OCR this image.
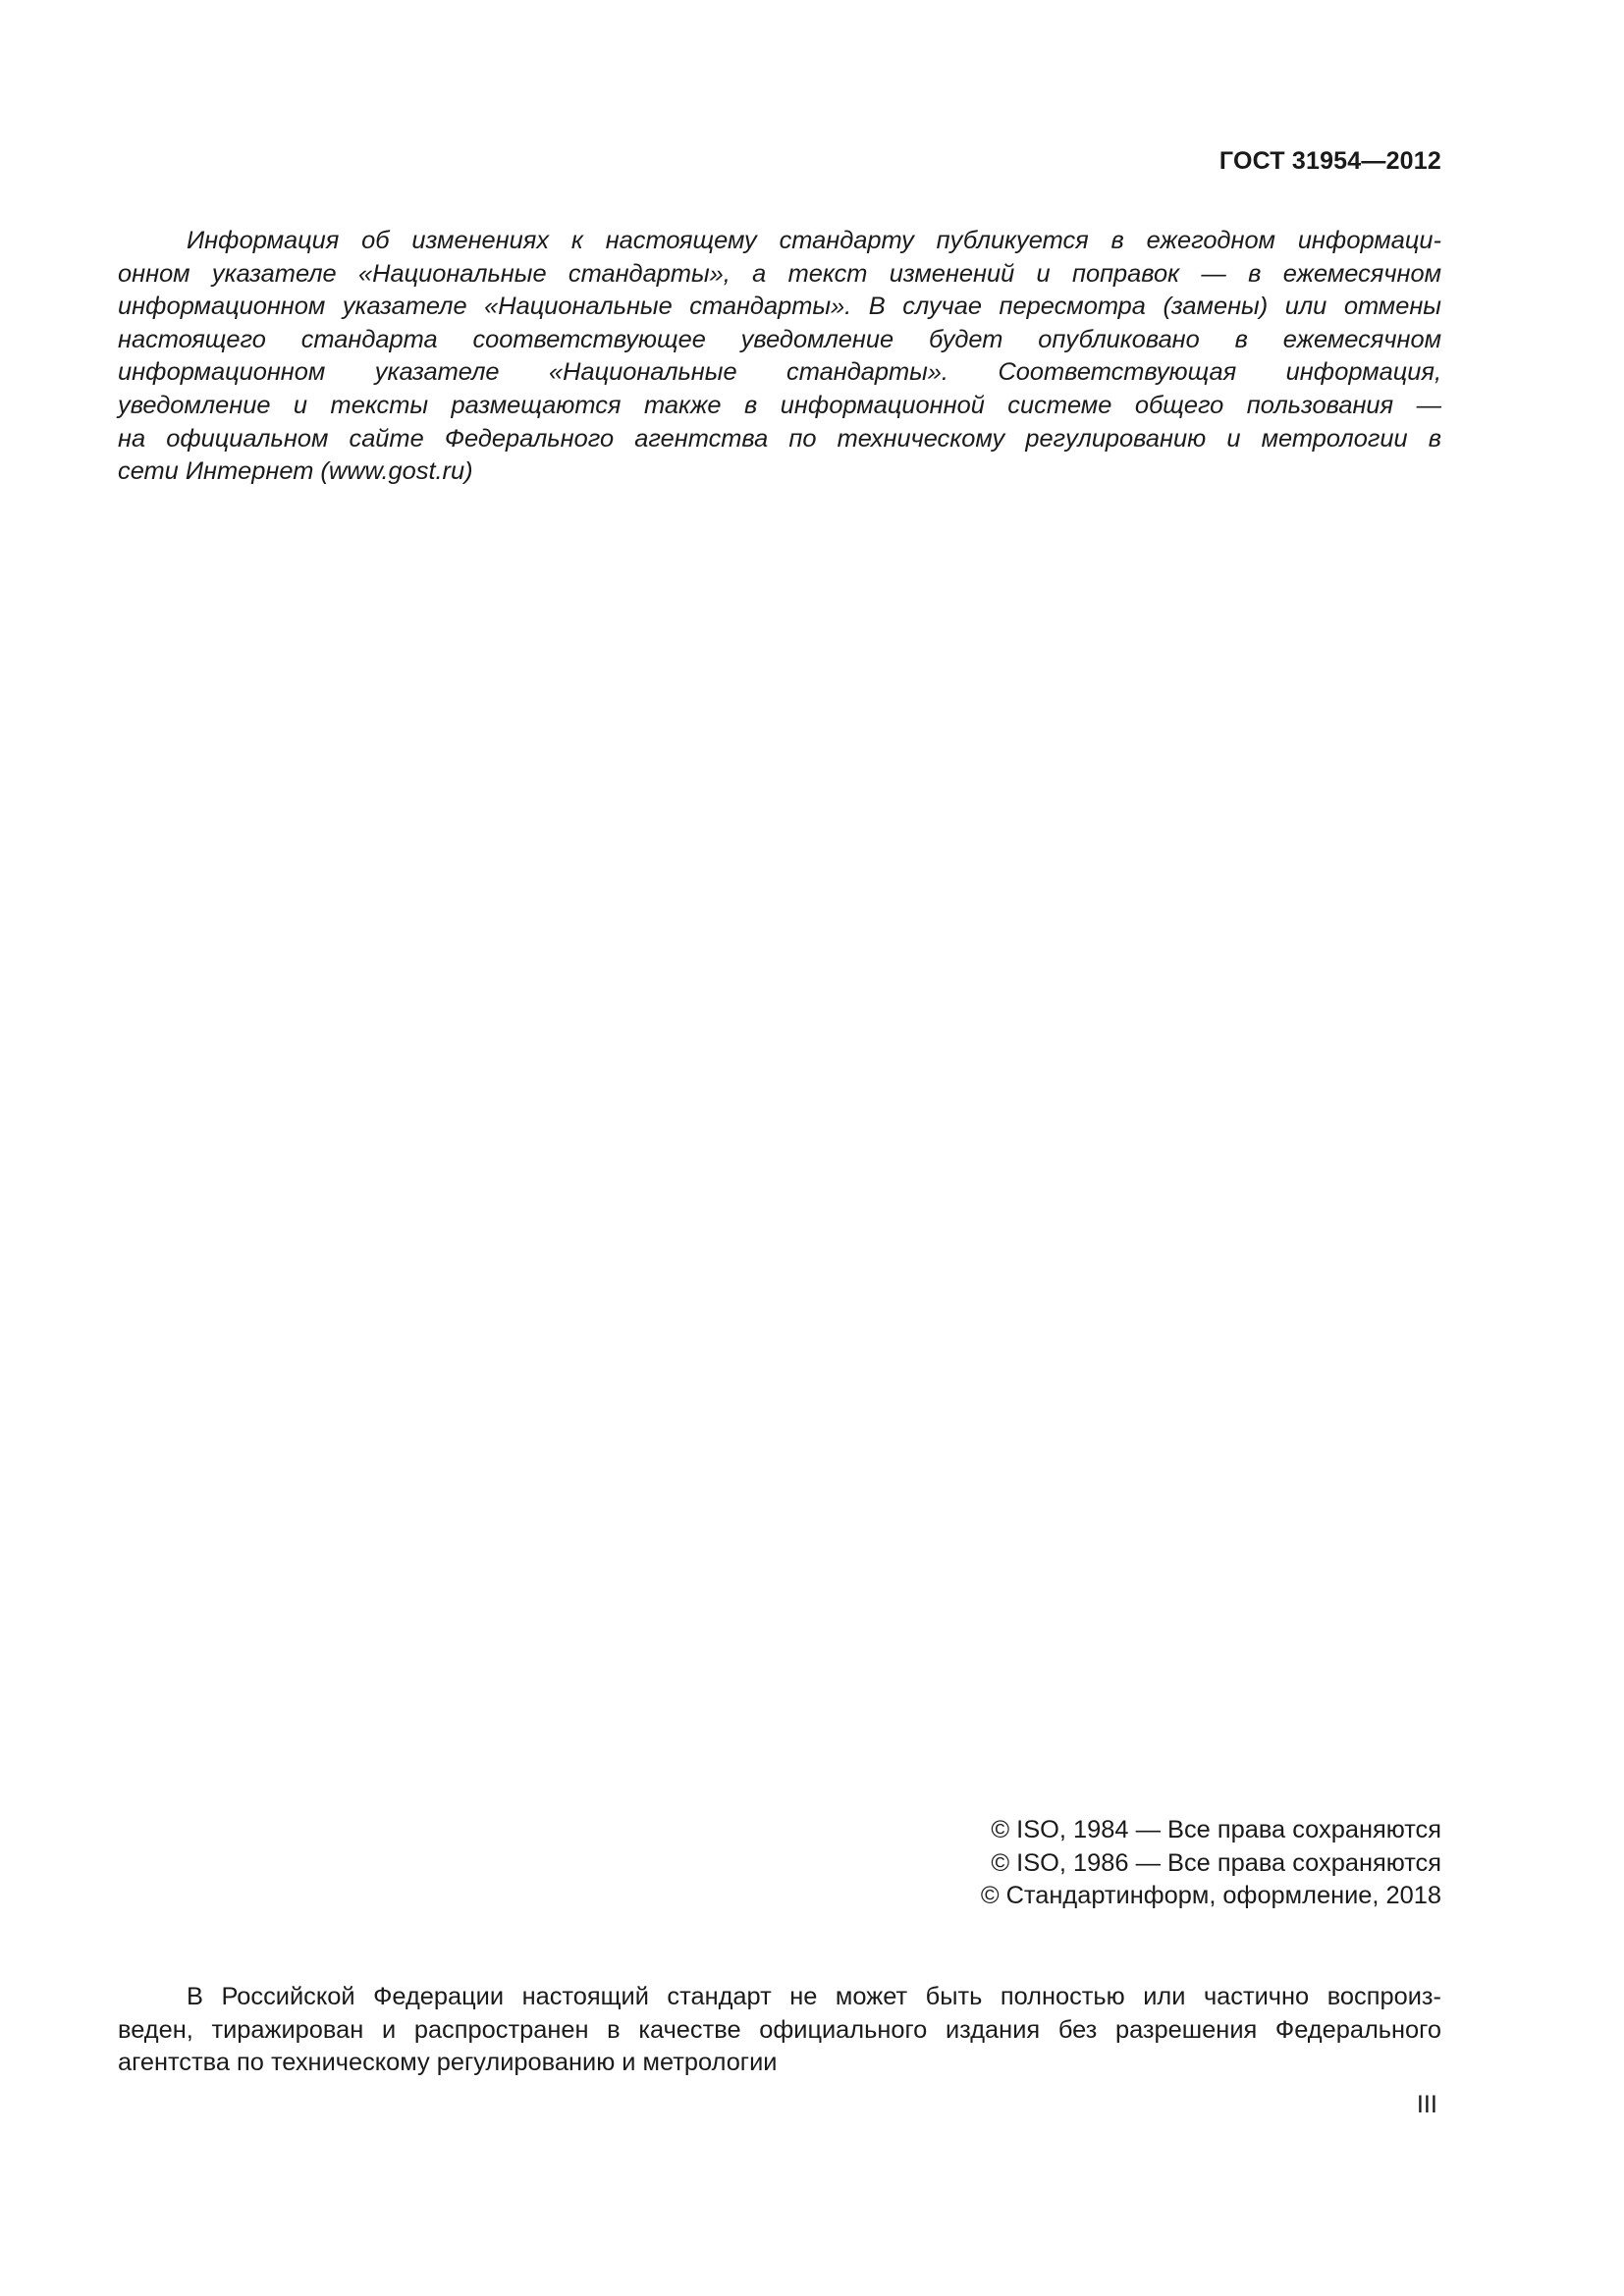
ГОСТ 31954—2012
Информация об изменениях к настоящему стандарту публикуется в ежегодном информаци-
онном указателе «Национальные стандарты», а текст изменений и поправок — в ежемесячном
информационном указателе «Национальные стандарты». В случае пересмотра (замены) или отмены
настоящего стандарта соответствующее уведомление будет опубликовано в ежемесячном
информационном указателе «Национальные стандарты». Соответствующая информация,
уведомление и тексты размещаются также в информационной системе общего пользования —
на официальном сайте Федерального агентства по техническому регулированию и метрологии в
сети Интернет (www.gost.ru)
© ISO, 1984 — Все права сохраняются
© ISO, 1986 — Все права сохраняются
© Стандартинформ, оформление, 2018
В Российской Федерации настоящий стандарт не может быть полностью или частично воспроиз-
веден, тиражирован и распространен в качестве официального издания без разрешения Федерального
агентства по техническому регулированию и метрологии
III
